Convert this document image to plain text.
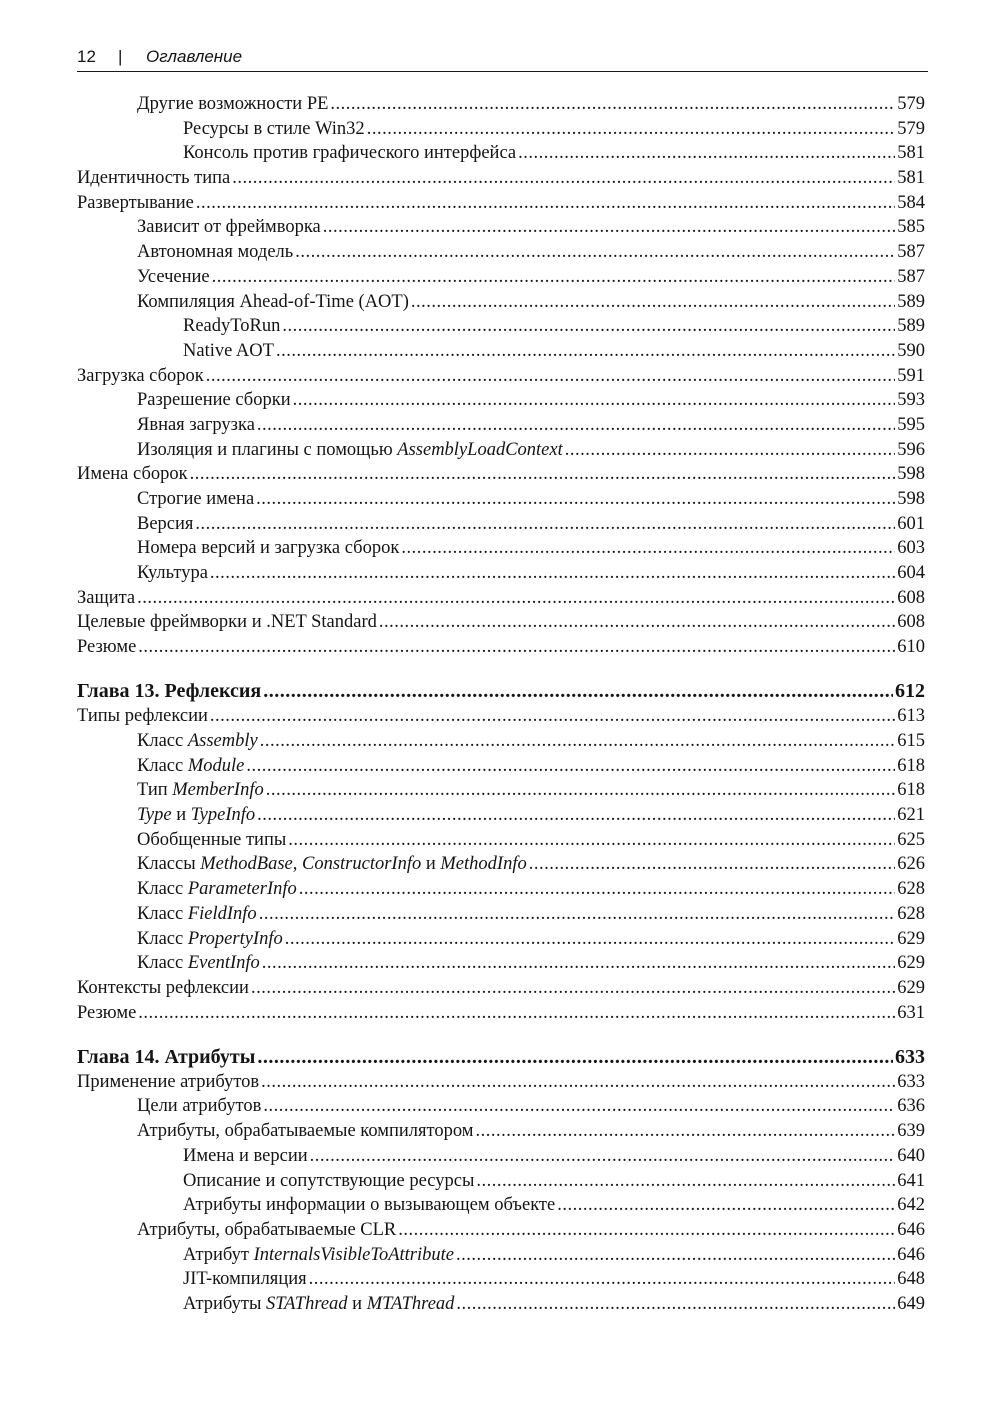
12 | Оглавление
Другие возможности PE .....	579
Ресурсы в стиле Win32 .....	579
Консоль против графического интерфейса .....	581
Идентичность типа .....	581
Развертывание .....	584
Зависит от фреймворка .....	585
Автономная модель .....	587
Усечение .....	587
Компиляция Ahead-of-Time (AOT) .....	589
ReadyToRun .....	589
Native AOT .....	590
Загрузка сборок .....	591
Разрешение сборки .....	593
Явная загрузка .....	595
Изоляция и плагины с помощью AssemblyLoadContext .....	596
Имена сборок .....	598
Строгие имена .....	598
Версия .....	601
Номера версий и загрузка сборок .....	603
Культура .....	604
Защита .....	608
Целевые фреймворки и .NET Standard .....	608
Резюме .....	610
Глава 13. Рефлексия .....	612
Типы рефлексии .....	613
Класс Assembly .....	615
Класс Module .....	618
Тип MemberInfo .....	618
Type и TypeInfo .....	621
Обобщенные типы .....	625
Классы MethodBase, ConstructorInfo и MethodInfo .....	626
Класс ParameterInfo .....	628
Класс FieldInfo .....	628
Класс PropertyInfo .....	629
Класс EventInfo .....	629
Контексты рефлексии .....	629
Резюме .....	631
Глава 14. Атрибуты .....	633
Применение атрибутов .....	633
Цели атрибутов .....	636
Атрибуты, обрабатываемые компилятором .....	639
Имена и версии .....	640
Описание и сопутствующие ресурсы .....	641
Атрибуты информации о вызывающем объекте .....	642
Атрибуты, обрабатываемые CLR .....	646
Атрибут InternalsVisibleToAttribute .....	646
JIT-компиляция .....	648
Атрибуты STAThread и MTAThread .....	649
